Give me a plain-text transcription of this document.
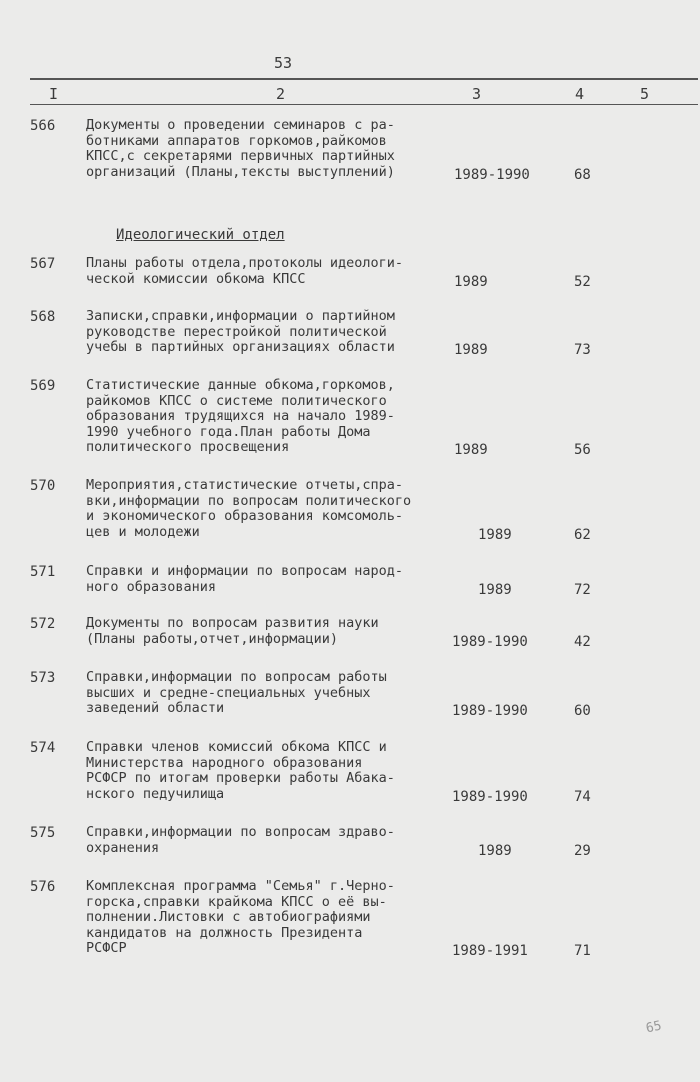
53
I	2	3	4	5
Идеологический отдел
566 Документы о проведении семинаров с ра-
ботниками аппаратов горкомов,райкомов
КПСС,с секретарями первичных партийных
организаций (Планы,тексты выступлений)	1989-1990	68
567 Планы работы отдела,протоколы идеологи-
ческой комиссии обкома КПСС	1989	52
568 Записки,справки,информации о партийном
руководстве перестройкой политической
учебы в партийных организациях области	1989	73
569 Статистические данные обкома,горкомов,
райкомов КПСС о системе политического
образования трудящихся на начало 1989-
1990 учебного года.План работы Дома
политического просвещения	1989	56
570 Мероприятия,статистические отчеты,спра-
вки,информации по вопросам политического
и экономического образования комсомоль-
цев и молодежи	1989	62
571 Справки и информации по вопросам народ-
ного образования	1989	72
572 Документы по вопросам развития науки
(Планы работы,отчет,информации)	1989-1990	42
573 Справки,информации по вопросам работы
высших и средне-специальных учебных
заведений области	1989-1990	60
574 Справки членов комиссий обкома КПСС и
Министерства народного образования
РСФСР по итогам проверки работы Абака-
нского педучилища	1989-1990	74
575 Справки,информации по вопросам здраво-
охранения	1989	29
576 Комплексная программа "Семья" г.Черно-
горска,справки крайкома КПСС о её вы-
полнении.Листовки с автобиографиями
кандидатов на должность Президента
РСФСР	1989-1991	71
65
